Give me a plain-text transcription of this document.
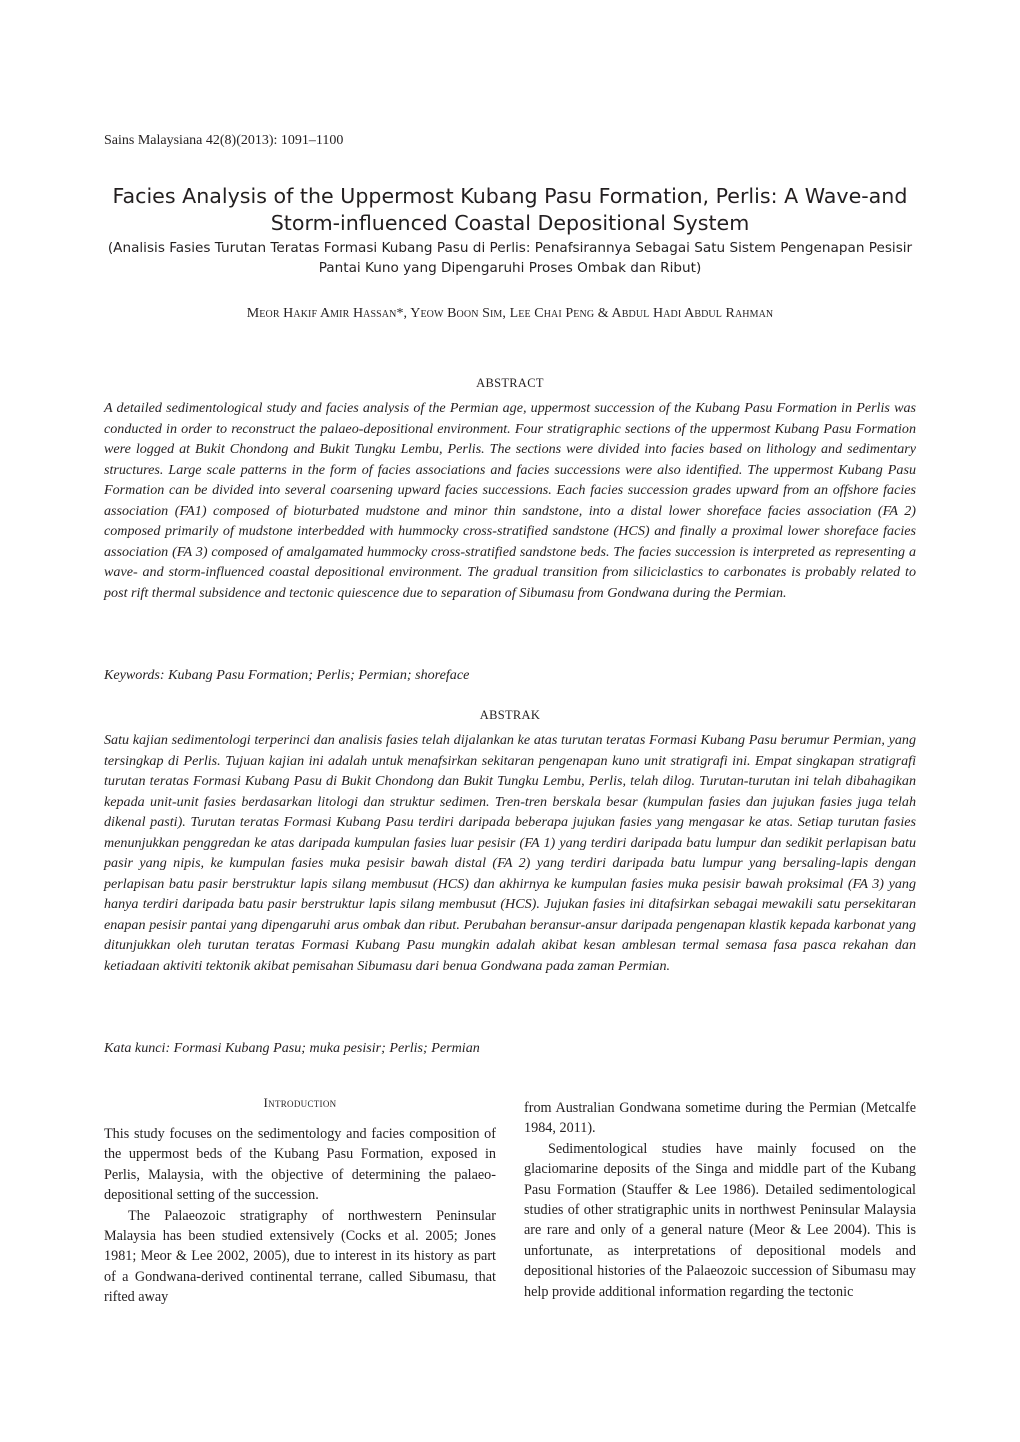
Sains Malaysiana 42(8)(2013): 1091–1100
Facies Analysis of the Uppermost Kubang Pasu Formation, Perlis: A Wave-and Storm-influenced Coastal Depositional System
(Analisis Fasies Turutan Teratas Formasi Kubang Pasu di Perlis: Penafsirannya Sebagai Satu Sistem Pengenapan Pesisir Pantai Kuno yang Dipengaruhi Proses Ombak dan Ribut)
Meor Hakif Amir Hassan*, Yeow Boon Sim, Lee Chai Peng & Abdul Hadi Abdul Rahman
ABSTRACT

A detailed sedimentological study and facies analysis of the Permian age, uppermost succession of the Kubang Pasu Formation in Perlis was conducted in order to reconstruct the palaeo-depositional environment. Four stratigraphic sections of the uppermost Kubang Pasu Formation were logged at Bukit Chondong and Bukit Tungku Lembu, Perlis. The sections were divided into facies based on lithology and sedimentary structures. Large scale patterns in the form of facies associations and facies successions were also identified. The uppermost Kubang Pasu Formation can be divided into several coarsening upward facies successions. Each facies succession grades upward from an offshore facies association (FA1) composed of bioturbated mudstone and minor thin sandstone, into a distal lower shoreface facies association (FA 2) composed primarily of mudstone interbedded with hummocky cross-stratified sandstone (HCS) and finally a proximal lower shoreface facies association (FA 3) composed of amalgamated hummocky cross-stratified sandstone beds. The facies succession is interpreted as representing a wave- and storm-influenced coastal depositional environment. The gradual transition from siliciclastics to carbonates is probably related to post rift thermal subsidence and tectonic quiescence due to separation of Sibumasu from Gondwana during the Permian.

Keywords: Kubang Pasu Formation; Perlis; Permian; shoreface
ABSTRAK

Satu kajian sedimentologi terperinci dan analisis fasies telah dijalankan ke atas turutan teratas Formasi Kubang Pasu berumur Permian, yang tersingkap di Perlis. Tujuan kajian ini adalah untuk menafsirkan sekitaran pengenapan kuno unit stratigrafi ini. Empat singkapan stratigrafi turutan teratas Formasi Kubang Pasu di Bukit Chondong dan Bukit Tungku Lembu, Perlis, telah dilog. Turutan-turutan ini telah dibahagikan kepada unit-unit fasies berdasarkan litologi dan struktur sedimen. Tren-tren berskala besar (kumpulan fasies dan jujukan fasies juga telah dikenal pasti). Turutan teratas Formasi Kubang Pasu terdiri daripada beberapa jujukan fasies yang mengasar ke atas. Setiap turutan fasies menunjukkan penggredan ke atas daripada kumpulan fasies luar pesisir (FA 1) yang terdiri daripada batu lumpur dan sedikit perlapisan batu pasir yang nipis, ke kumpulan fasies muka pesisir bawah distal (FA 2) yang terdiri daripada batu lumpur yang bersaling-lapis dengan perlapisan batu pasir berstruktur lapis silang membusut (HCS) dan akhirnya ke kumpulan fasies muka pesisir bawah proksimal (FA 3) yang hanya terdiri daripada batu pasir berstruktur lapis silang membusut (HCS). Jujukan fasies ini ditafsirkan sebagai mewakili satu persekitaran enapan pesisir pantai yang dipengaruhi arus ombak dan ribut. Perubahan beransur-ansur daripada pengenapan klastik kepada karbonat yang ditunjukkan oleh turutan teratas Formasi Kubang Pasu mungkin adalah akibat kesan amblesan termal semasa fasa pasca rekahan dan ketiadaan aktiviti tektonik akibat pemisahan Sibumasu dari benua Gondwana pada zaman Permian.

Kata kunci: Formasi Kubang Pasu; muka pesisir; Perlis; Permian
Introduction

This study focuses on the sedimentology and facies composition of the uppermost beds of the Kubang Pasu Formation, exposed in Perlis, Malaysia, with the objective of determining the palaeo-depositional setting of the succession.

The Palaeozoic stratigraphy of northwestern Peninsular Malaysia has been studied extensively (Cocks et al. 2005; Jones 1981; Meor & Lee 2002, 2005), due to interest in its history as part of a Gondwana-derived continental terrane, called Sibumasu, that rifted away

from Australian Gondwana sometime during the Permian (Metcalfe 1984, 2011).

Sedimentological studies have mainly focused on the glaciomarine deposits of the Singa and middle part of the Kubang Pasu Formation (Stauffer & Lee 1986). Detailed sedimentological studies of other stratigraphic units in northwest Peninsular Malaysia are rare and only of a general nature (Meor & Lee 2004). This is unfortunate, as interpretations of depositional models and depositional histories of the Palaeozoic succession of Sibumasu may help provide additional information regarding the tectonic
